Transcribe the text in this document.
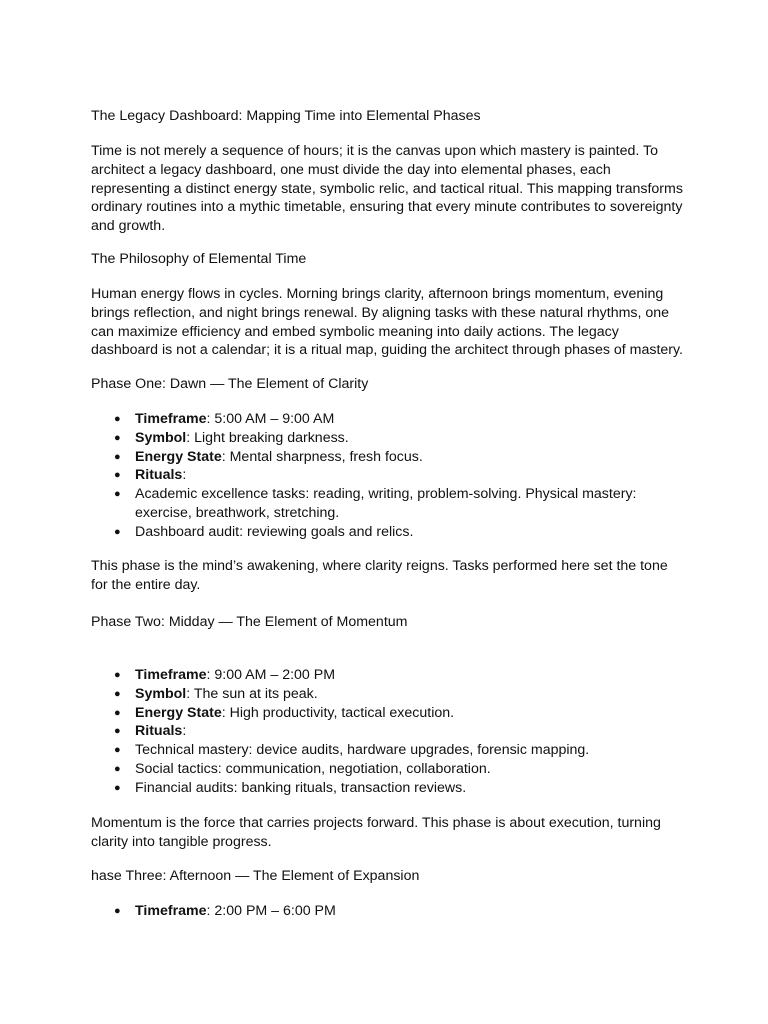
The Legacy Dashboard: Mapping Time into Elemental Phases

Time is not merely a sequence of hours; it is the canvas upon which mastery is painted. To architect a legacy dashboard, one must divide the day into elemental phases, each representing a distinct energy state, symbolic relic, and tactical ritual. This mapping transforms ordinary routines into a mythic timetable, ensuring that every minute contributes to sovereignty and growth.

The Philosophy of Elemental Time

Human energy flows in cycles. Morning brings clarity, afternoon brings momentum, evening brings reflection, and night brings renewal. By aligning tasks with these natural rhythms, one can maximize efficiency and embed symbolic meaning into daily actions. The legacy dashboard is not a calendar; it is a ritual map, guiding the architect through phases of mastery.

Phase One: Dawn — The Element of Clarity

● Timeframe: 5:00 AM – 9:00 AM
● Symbol: Light breaking darkness.
● Energy State: Mental sharpness, fresh focus.
● Rituals:
● Academic excellence tasks: reading, writing, problem-solving. Physical mastery: exercise, breathwork, stretching.
● Dashboard audit: reviewing goals and relics.

This phase is the mind’s awakening, where clarity reigns. Tasks performed here set the tone for the entire day.

Phase Two: Midday — The Element of Momentum

● Timeframe: 9:00 AM – 2:00 PM
● Symbol: The sun at its peak.
● Energy State: High productivity, tactical execution.
● Rituals:
● Technical mastery: device audits, hardware upgrades, forensic mapping.
● Social tactics: communication, negotiation, collaboration.
● Financial audits: banking rituals, transaction reviews.

Momentum is the force that carries projects forward. This phase is about execution, turning clarity into tangible progress.

hase Three: Afternoon — The Element of Expansion

● Timeframe: 2:00 PM – 6:00 PM
